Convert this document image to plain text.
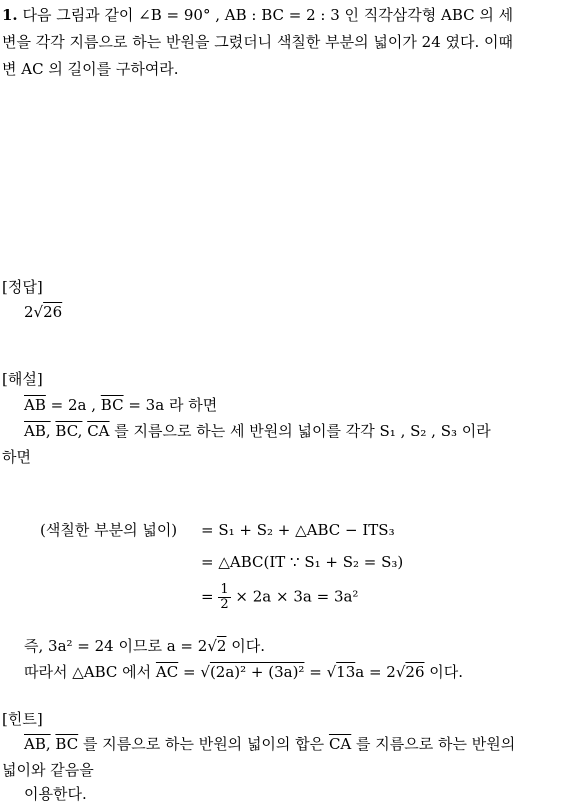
1. 다음 그림과 같이 ∠B = 90° , AB : BC = 2 : 3 인 직각삼각형 ABC 의 세
변을 각각 지름으로 하는 반원을 그렸더니 색칠한 부분의 넓이가 24 였다. 이때
변 AC 의 길이를 구하여라.
[정답]
2√26
[해설]
$\overline{AB} = 2a$ , $\overline{BC} = 3a$ 라 하면
AB, BC, $\overline{CA}$ 를 지름으로 하는 세 반원의 넓이를 각각 S₁ , S₂ , S₃ 이라
하면
(색칠한 부분의 넓이) = S₁ + S₂ + △ABC − ITS₃
= △ABC(IT ∵ S₁ + S₂ = S₃)
= $\frac{1}{2} \times 2a \times 3a = 3a^2$
즉, 3a² = 24 이므로 a = 2√2 이다.
따라서 △ABC 에서 $\overline{AC} = √(2a)^2 + (3a)^2 = √13a = 2√26$ 이다.
[힌트]
AB, $\overline{BC}$ 를 지름으로 하는 반원의 넓이의 합은 $\overline{CA}$ 를 지름으로 하는 반원의
넓이와 같음을
이용한다.
